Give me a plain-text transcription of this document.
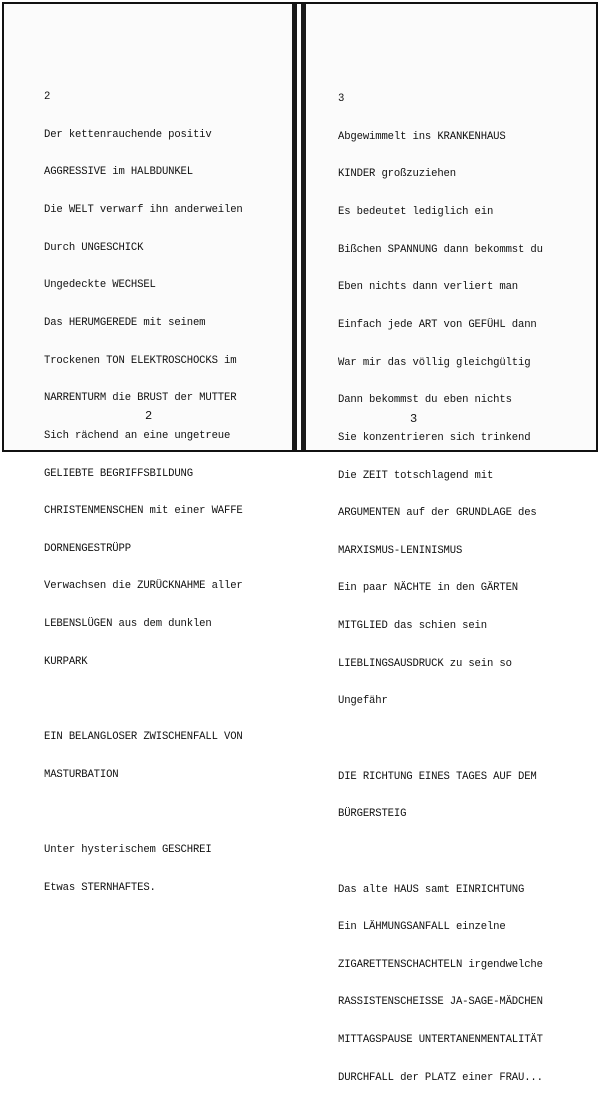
2

Der kettenrauchende positiv

AGGRESSIVE im HALBDUNKEL

Die WELT verwarf ihn anderweilen

Durch UNGESCHICK

Ungedeckte WECHSEL

Das HERUMGEREDE mit seinem

Trockenen TON ELEKTROSCHOCKS im

NARRENTURM die BRUST der MUTTER

Sich rächend an eine ungetreue

GELIEBTE BEGRIFFSBILDUNG

CHRISTENMENSCHEN mit einer WAFFE

DORNENGESTRÜPP

Verwachsen die ZURÜCKNAHME aller

LEBENSLÜGEN aus dem dunklen

KURPARK

EIN BELANGLOSER ZWISCHENFALL VON

MASTURBATION

Unter hysterischem GESCHREI

Etwas STERNHAFTES.

2

3

Abgewimmelt ins KRANKENHAUS

KINDER großzuziehen

Es bedeutet lediglich ein

Bißchen SPANNUNG dann bekommst du

Eben nichts dann verliert man

Einfach jede ART von GEFÜHL dann

War mir das völlig gleichgültig

Dann bekommst du eben nichts

Sie konzentrieren sich trinkend

Die ZEIT totschlagend mit

ARGUMENTEN auf der GRUNDLAGE des

MARXISMUS-LENINISMUS

Ein paar NÄCHTE in den GÄRTEN

MITGLIED das schien sein

LIEBLINGSAUSDRUCK zu sein so

Ungefähr

DIE RICHTUNG EINES TAGES AUF DEM

BÜRGERSTEIG

Das alte HAUS samt EINRICHTUNG

Ein LÄHMUNGSANFALL einzelne

ZIGARETTENSCHACHTELN irgendwelche

RASSISTENSCHEISSE JA-SAGE-MÄDCHEN

MITTAGSPAUSE UNTERTANENMENTALITÄT

DURCHFALL der PLATZ einer FRAU...

3
